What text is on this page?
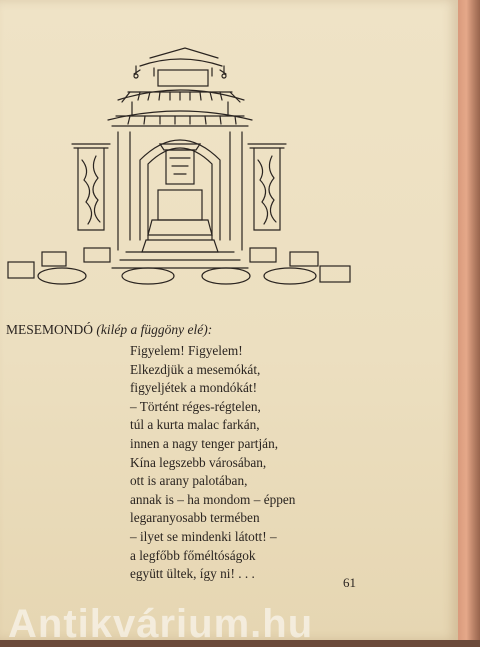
MESEMONDÓ (kilép a függöny elé):
Figyelem! Figyelem!
Elkezdjük a mesemókát,
figyeljétek a mondókát!
– Történt réges-régtelen,
túl a kurta malac farkán,
innen a nagy tenger partján,
Kína legszebb városában,
ott is arany palotában,
annak is – ha mondom – éppen
legaranyosabb termében
– ilyet se mindenki látott! –
a legfőbb főméltóságok
együtt ültek, így ni! . . .
61
Antikvárium.hu
